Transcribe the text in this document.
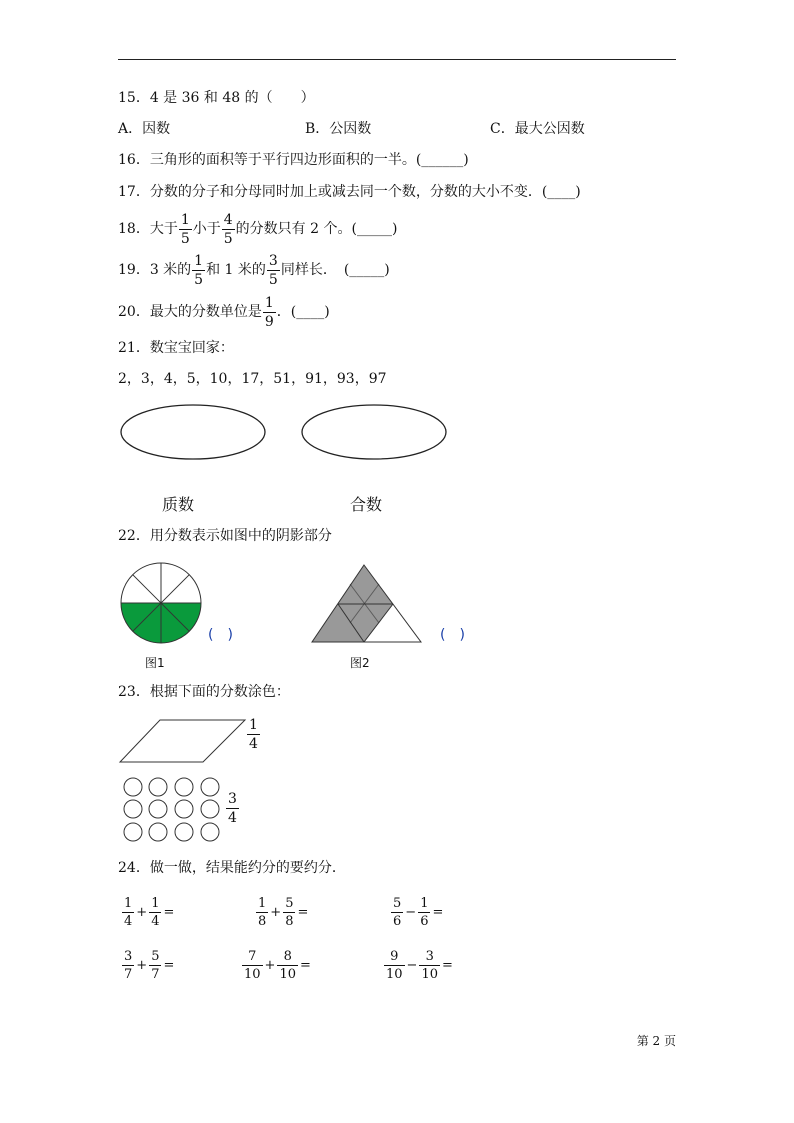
15．4 是 36 和 48 的（　　）
A．因数	B．公因数	C．最大公因数
16．三角形的面积等于平行四边形面积的一半。(______)
17．分数的分子和分母同时加上或减去同一个数，分数的大小不变．(____)
18．大于 $\frac{1}{5}$ 小于 $\frac{4}{5}$ 的分数只有 2 个。(_____)
19．3 米的 $\frac{1}{5}$ 和 1 米的 $\frac{3}{5}$ 同样长．　(_____)
20．最大的分数单位是 $\frac{1}{9}$ ．(____)
21．数宝宝回家：
2，3，4，5，10，17，51，91，93，97
质数	合数
22．用分数表示如图中的阴影部分
(　)
图1
(　)
图2
23．根据下面的分数涂色：
$\frac{1}{4}$
$\frac{3}{4}$
24．做一做，结果能约分的要约分．
$\frac{1}{4} + \frac{1}{4}$ =	$\frac{1}{8} + \frac{5}{8}$ =	$\frac{5}{6} - \frac{1}{6}$ =
$\frac{3}{7} + \frac{5}{7}$ =	$\frac{7}{10} + \frac{8}{10}$ =	$\frac{9}{10} - \frac{3}{10}$ =
第 2 页
